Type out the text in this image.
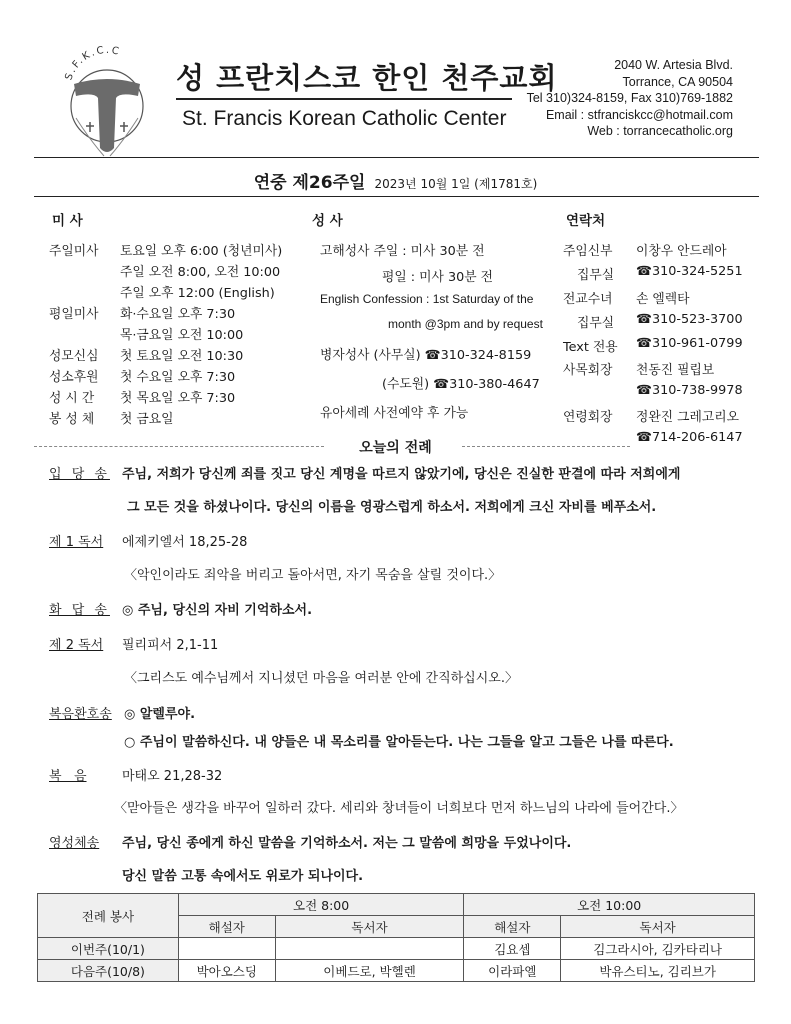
S.F.K.C.C
성 프란치스코 한인 천주교회
St. Francis Korean Catholic Center
2040 W. Artesia Blvd.
Torrance, CA 90504
Tel 310)324-8159, Fax 310)769-1882
Email : stfranciskcc@hotmail.com
Web : torrancecatholic.org
연중 제26주일 2023년 10월 1일 (제1781호)
미 사
주일미사 토요일 오후 6:00 (청년미사)
주일 오전 8:00, 오전 10:00
주일 오후 12:00 (English)
평일미사 화·수요일 오후 7:30
목·금요일 오전 10:00
성모신심 첫 토요일 오전 10:30
성소후원 첫 수요일 오후 7:30
성 시 간 첫 목요일 오후 7:30
봉 성 체 첫 금요일
성 사
고해성사 주일 : 미사 30분 전
평일 : 미사 30분 전
English Confession : 1st Saturday of the
month @3pm and by request
병자성사 (사무실) ☎310-324-8159
(수도원) ☎310-380-4647
유아세례 사전예약 후 가능
연락처
주임신부 이창우 안드레아
집무실 ☎310-324-5251
전교수녀 손 엘렉타
집무실 ☎310-523-3700
Text 전용 ☎310-961-0799
사목회장 천동진 필립보
☎310-738-9978
연령회장 정완진 그레고리오
☎714-206-6147
오늘의 전례
입 당 송 주님, 저희가 당신께 죄를 짓고 당신 계명을 따르지 않았기에, 당신은 진실한 판결에 따라 저희에게
그 모든 것을 하셨나이다. 당신의 이름을 영광스럽게 하소서. 저희에게 크신 자비를 베푸소서.
제 1 독서 에제키엘서 18,25-28
〈악인이라도 죄악을 버리고 돌아서면, 자기 목숨을 살릴 것이다.〉
화 답 송 ◎ 주님, 당신의 자비 기억하소서.
제 2 독서 필리피서 2,1-11
〈그리스도 예수님께서 지니셨던 마음을 여러분 안에 간직하십시오.〉
복음환호송 ◎ 알렐루야.
○ 주님이 말씀하신다. 내 양들은 내 목소리를 알아듣는다. 나는 그들을 알고 그들은 나를 따른다.
복   음	마태오 21,28-32
〈맏아들은 생각을 바꾸어 일하러 갔다. 세리와 창녀들이 너희보다 먼저 하느님의 나라에 들어간다.〉
영성체송 주님, 당신 종에게 하신 말씀을 기억하소서. 저는 그 말씀에 희망을 두었나이다.
당신 말씀 고통 속에서도 위로가 되나이다.
전례 봉사	오전 8:00		오전 10:00	
	해설자	독서자	해설자	독서자
이번주(10/1)			김요셉	김그라시아, 김카타리나
다음주(10/8)	박아오스딩	이베드로, 박헬렌	이라파엘	박유스티노, 김리브가
